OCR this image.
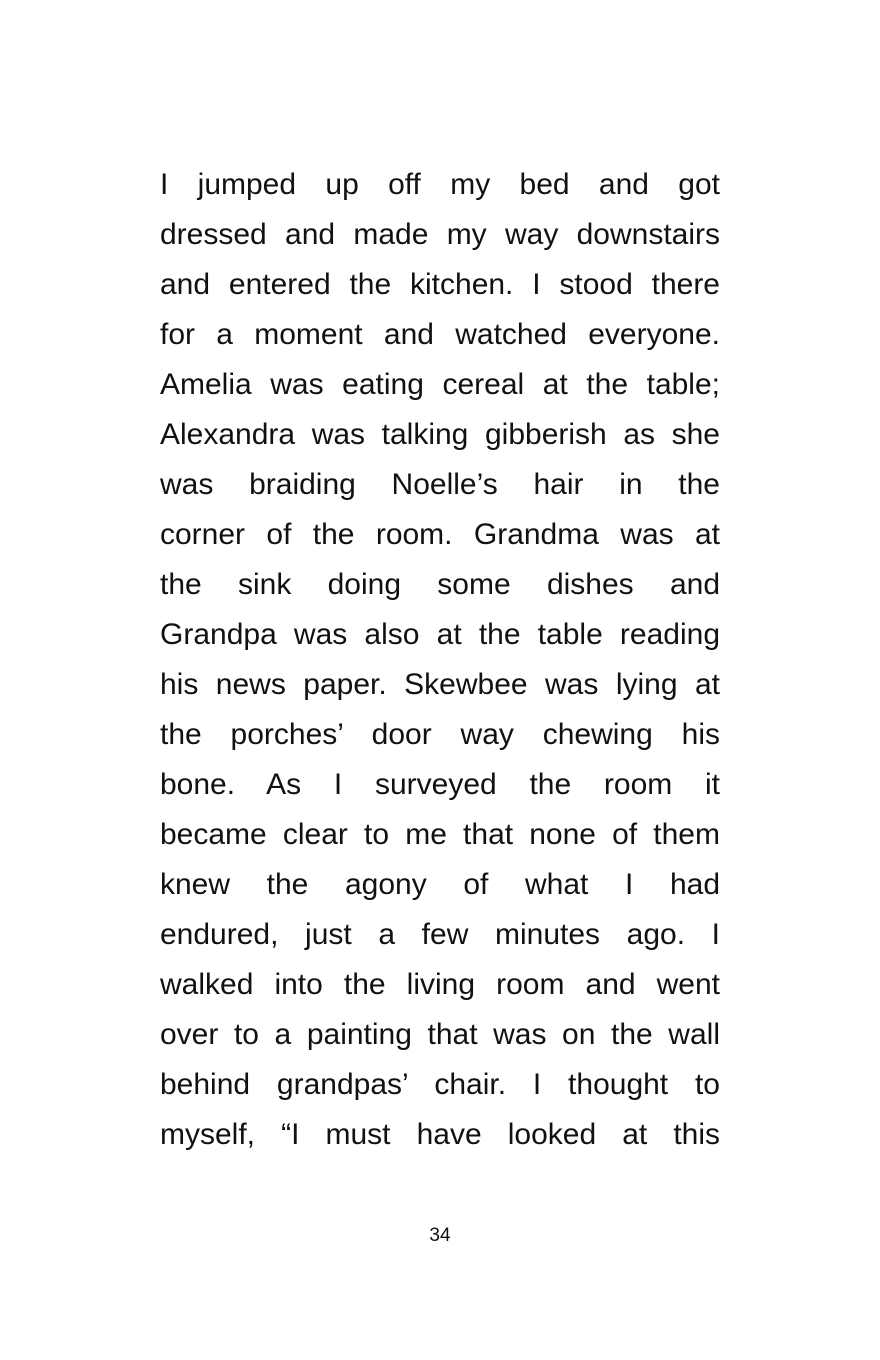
I jumped up off my bed and got
dressed and made my way downstairs
and entered the kitchen. I stood there
for a moment and watched everyone.
Amelia was eating cereal at the table;
Alexandra was talking gibberish as she
was braiding Noelle’s hair in the
corner of the room. Grandma was at
the sink doing some dishes and
Grandpa was also at the table reading
his news paper. Skewbee was lying at
the porches’ door way chewing his
bone. As I surveyed the room it
became clear to me that none of them
knew the agony of what I had
endured, just a few minutes ago. I
walked into the living room and went
over to a painting that was on the wall
behind grandpas’ chair. I thought to
myself, “I must have looked at this
34
